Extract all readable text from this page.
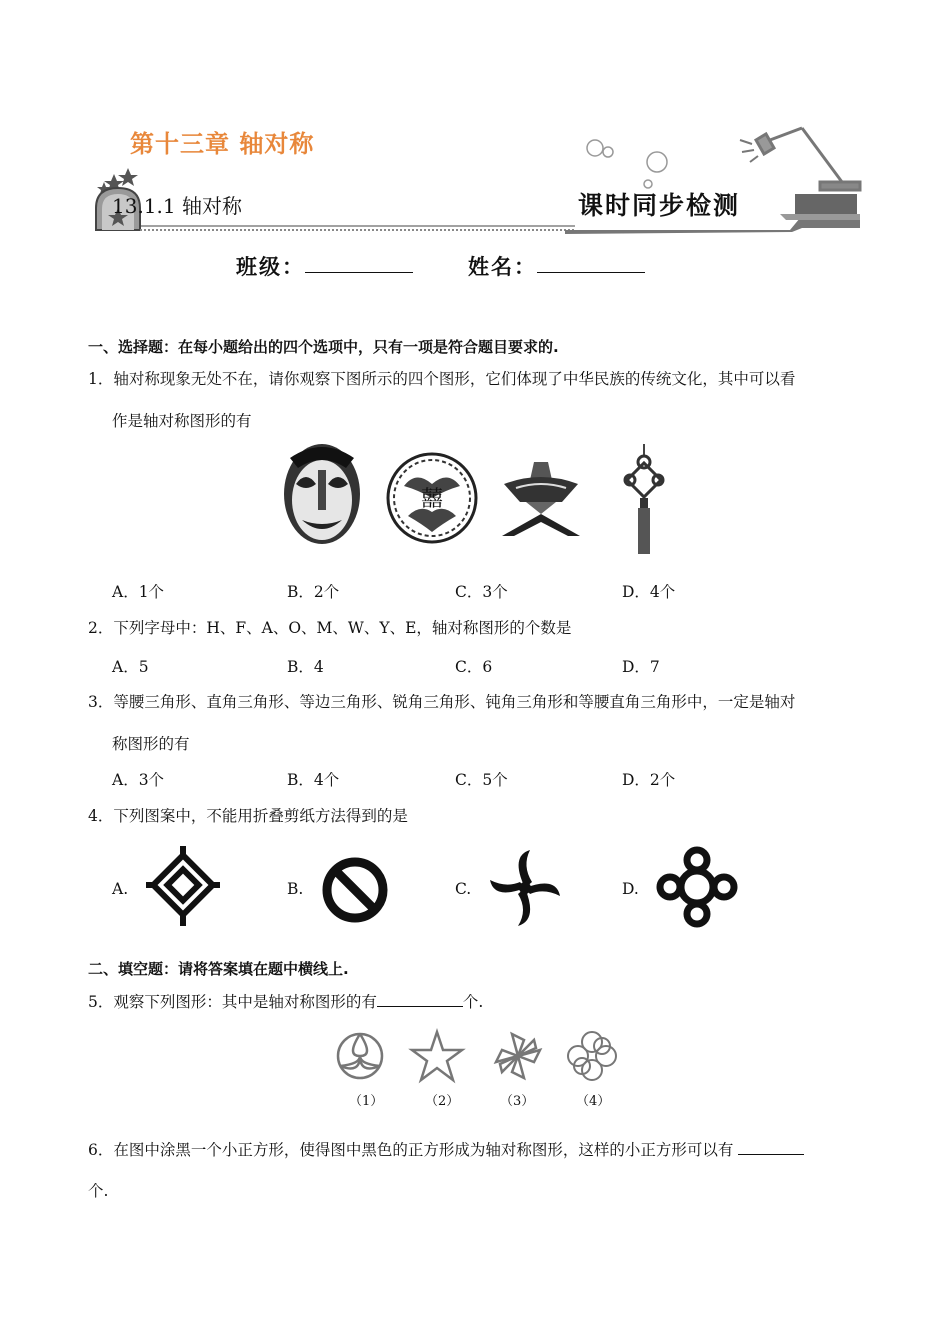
第十三章 轴对称
13.1.1 轴对称	课时同步检测
班级：	姓名：
一、选择题：在每小题给出的四个选项中，只有一项是符合题目要求的.
1．轴对称现象无处不在，请你观察下图所示的四个图形，它们体现了中华民族的传统文化，其中可以看
作是轴对称图形的有
囍
A．1个	B．2个	C．3个	D．4个
2．下列字母中：H、F、A、O、M、W、Y、E，轴对称图形的个数是
A．5	B．4	C．6	D．7
3．等腰三角形、直角三角形、等边三角形、锐角三角形、钝角三角形和等腰直角三角形中，一定是轴对
称图形的有
A．3个	B．4个	C．5个	D．2个
4．下列图案中，不能用折叠剪纸方法得到的是
A.	B.	C.	D.
二、填空题：请将答案填在题中横线上.
5．观察下列图形：其中是轴对称图形的有	个.
（1）	（2）	（3）	（4）
6．在图中涂黑一个小正方形，使得图中黑色的正方形成为轴对称图形，这样的小正方形可以有
个.
